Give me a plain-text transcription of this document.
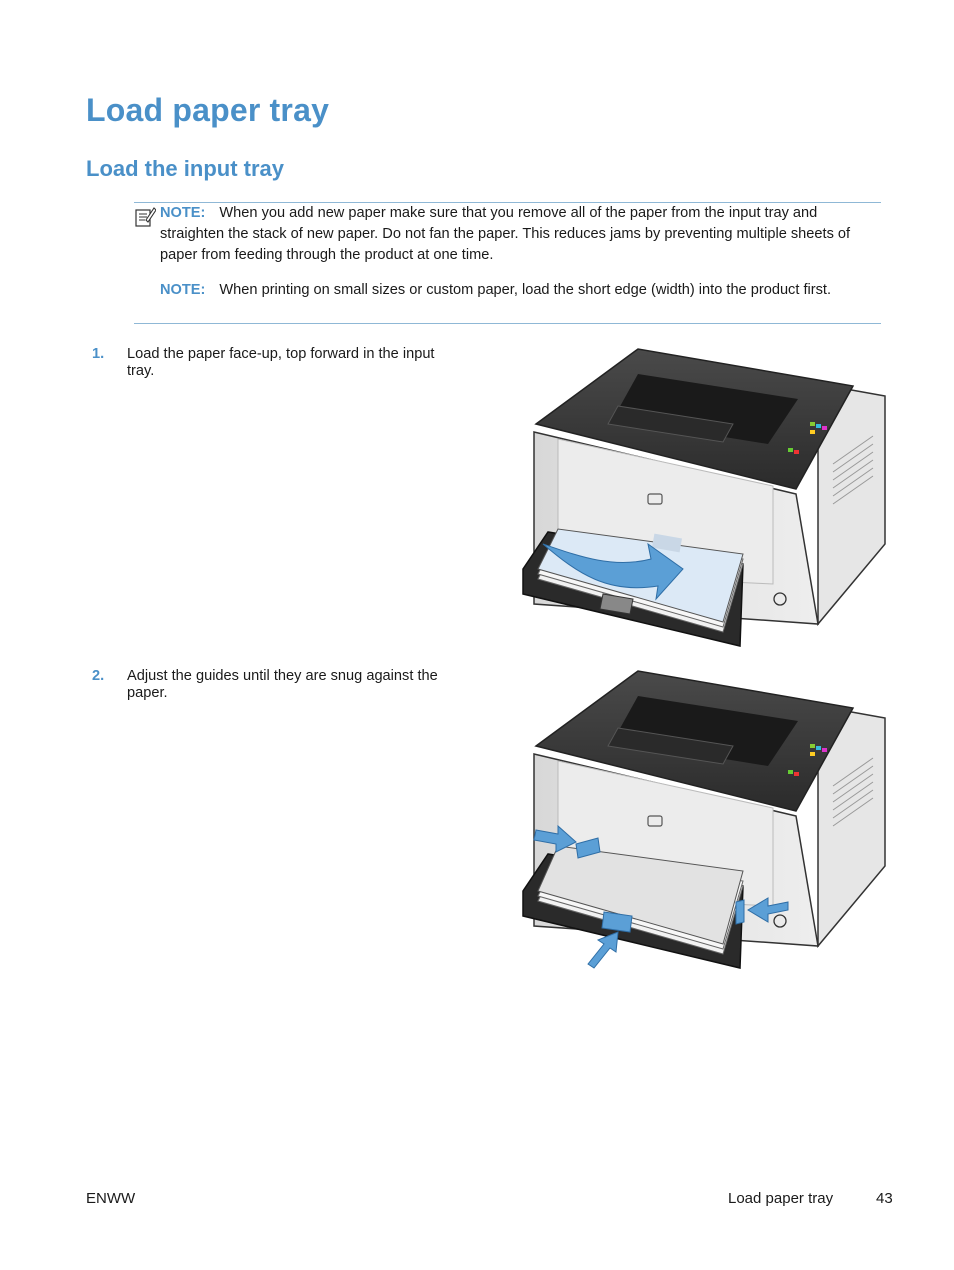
Load paper tray
Load the input tray
NOTE: When you add new paper make sure that you remove all of the paper from the input tray and straighten the stack of new paper. Do not fan the paper. This reduces jams by preventing multiple sheets of paper from feeding through the product at one time.
NOTE: When printing on small sizes or custom paper, load the short edge (width) into the product first.
1.	Load the paper face-up, top forward in the input tray.
2.	Adjust the guides until they are snug against the paper.
ENWW	Load paper tray	43
